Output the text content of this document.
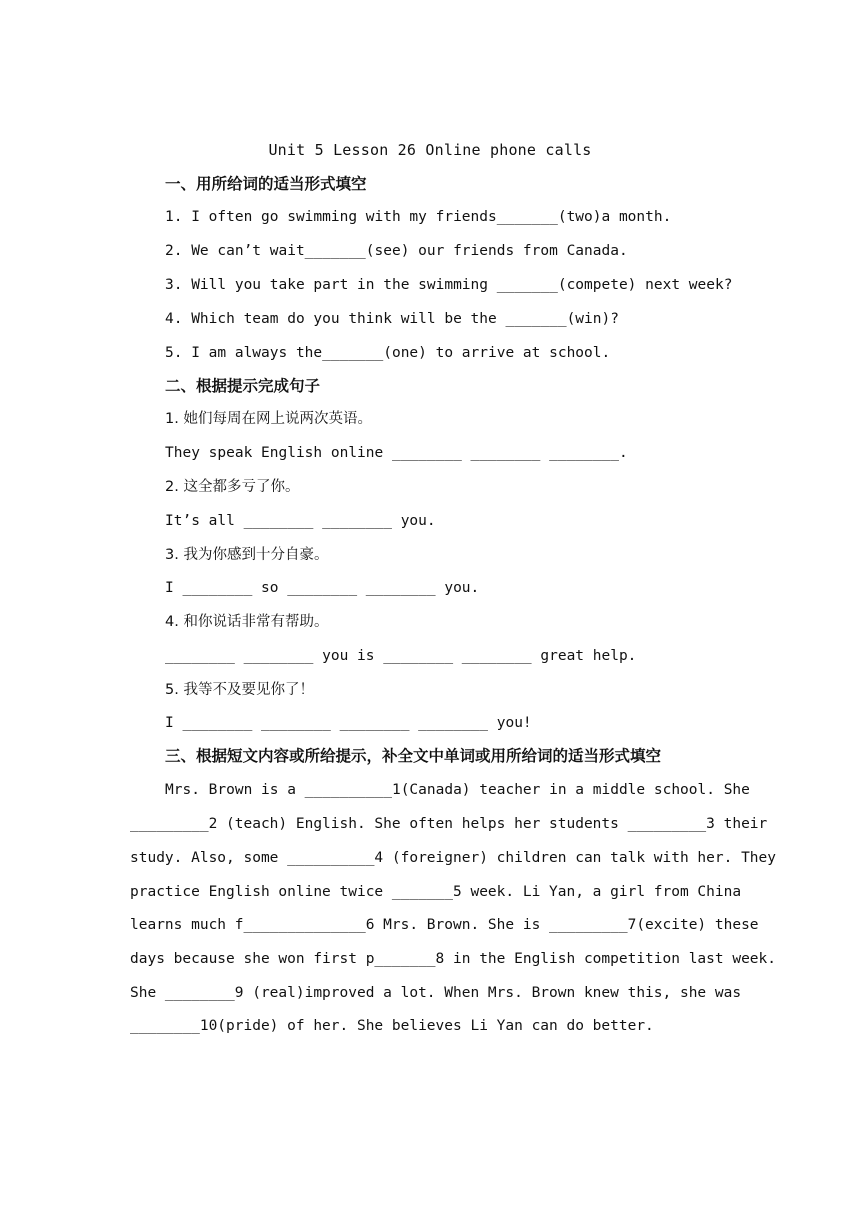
Unit 5 Lesson 26 Online phone calls
一、用所给词的适当形式填空
1. I often go swimming with my friends_______(two)a month.
2. We can’t wait_______(see) our friends from Canada.
3. Will you take part in the swimming _______(compete) next week?
4. Which team do you think will be the _______(win)?
5. I am always the_______(one) to arrive at school.
二、根据提示完成句子
1. 她们每周在网上说两次英语。
They speak English online ________ ________ ________.
2. 这全都多亏了你。
It’s all ________ ________ you.
3. 我为你感到十分自豪。
I ________ so ________ ________ you.
4. 和你说话非常有帮助。
________ ________ you is ________ ________ great help.
5. 我等不及要见你了！
I ________ ________ ________ ________ you!
三、根据短文内容或所给提示，补全文中单词或用所给词的适当形式填空
Mrs. Brown is a __________1(Canada) teacher in a middle school. She
_________2 (teach) English. She often helps her students _________3 their
study. Also, some __________4 (foreigner) children can talk with her. They
practice English online twice _______5 week. Li Yan, a girl from China
learns much f______________6 Mrs. Brown. She is _________7(excite) these
days because she won first p_______8 in the English competition last week.
She ________9 (real)improved a lot. When Mrs. Brown knew this, she was
________10(pride) of her. She believes Li Yan can do better.
